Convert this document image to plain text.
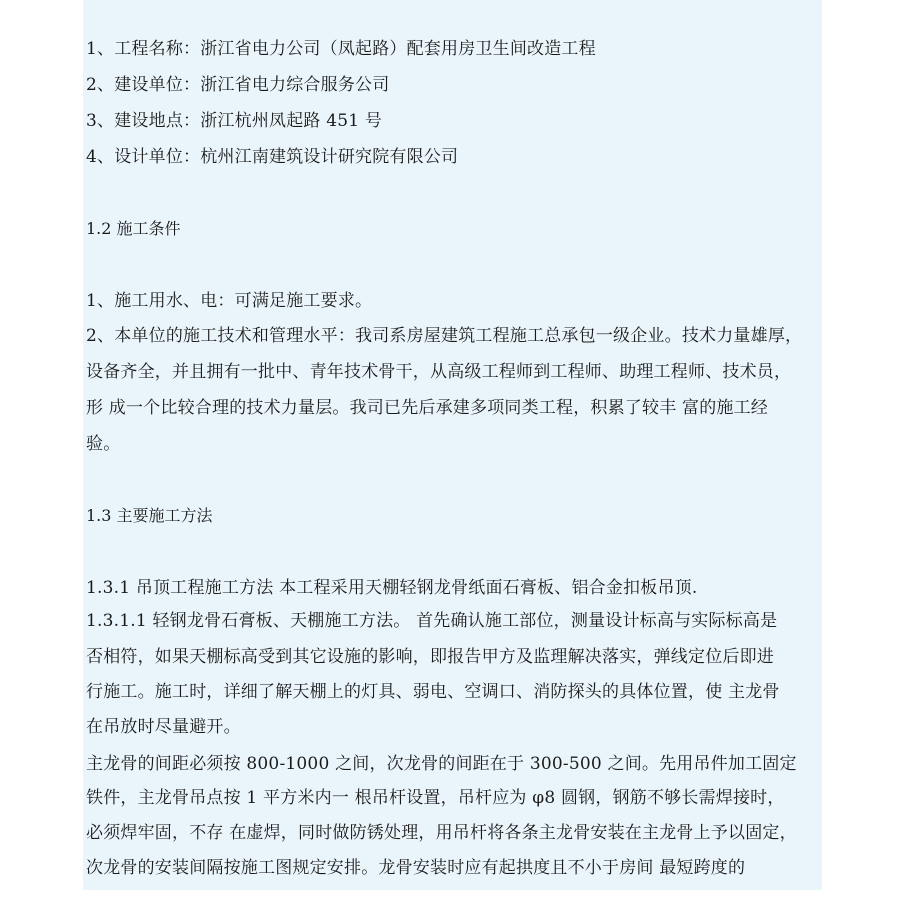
1、工程名称：浙江省电力公司（凤起路）配套用房卫生间改造工程
2、建设单位：浙江省电力综合服务公司
3、建设地点：浙江杭州凤起路 451 号
4、设计单位：杭州江南建筑设计研究院有限公司
1.2 施工条件
1、施工用水、电：可满足施工要求。
2、本单位的施工技术和管理水平：我司系房屋建筑工程施工总承包一级企业。技术力量雄厚，
设备齐全，并且拥有一批中、青年技术骨干，从高级工程师到工程师、助理工程师、技术员，
形 成一个比较合理的技术力量层。我司已先后承建多项同类工程，积累了较丰 富的施工经
验。
1.3 主要施工方法
1.3.1 吊顶工程施工方法 本工程采用天棚轻钢龙骨纸面石膏板、铝合金扣板吊顶.
1.3.1.1 轻钢龙骨石膏板、天棚施工方法。 首先确认施工部位，测量设计标高与实际标高是
否相符，如果天棚标高受到其它设施的影响，即报告甲方及监理解决落实，弹线定位后即进
行施工。施工时，详细了解天棚上的灯具、弱电、空调口、消防探头的具体位置，使 主龙骨
在吊放时尽量避开。
主龙骨的间距必须按 800-1000 之间，次龙骨的间距在于 300-500 之间。先用吊件加工固定
铁件，主龙骨吊点按 1 平方米内一 根吊杆设置，吊杆应为 φ8 圆钢，钢筋不够长需焊接时，
必须焊牢固，不存 在虚焊，同时做防锈处理，用吊杆将各条主龙骨安装在主龙骨上予以固定，
次龙骨的安装间隔按施工图规定安排。龙骨安装时应有起拱度且不小于房间 最短跨度的
